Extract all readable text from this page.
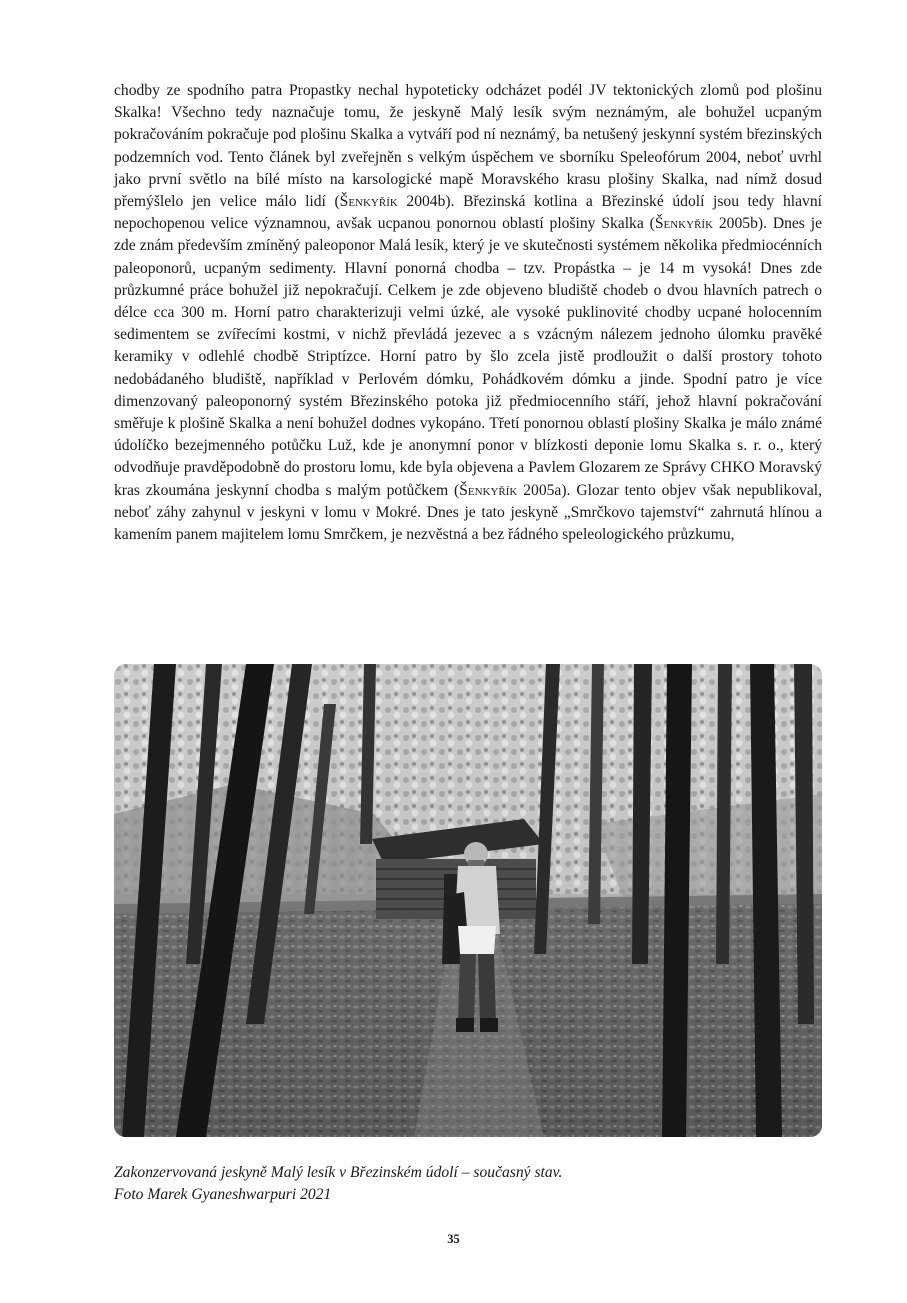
chodby ze spodního patra Propastky nechal hypoteticky odcházet podél JV tektonických zlomů pod plošinu Skalka! Všechno tedy naznačuje tomu, že jeskyně Malý lesík svým neznámým, ale bohužel ucpaným pokračováním pokračuje pod plošinu Skalka a vytváří pod ní neznámý, ba netušený jeskynní systém březinských podzemních vod. Tento článek byl zveřejněn s velkým úspěchem ve sborníku Speleofórum 2004, neboť uvrhl jako první světlo na bílé místo na karsologické mapě Moravského krasu plošiny Skalka, nad nímž dosud přemýšlelo jen velice málo lidí (Šenkyřík 2004b). Březinská kotlina a Březinské údolí jsou tedy hlavní nepochopenou velice významnou, avšak ucpanou ponornou oblastí plošiny Skalka (Šenkyřík 2005b). Dnes je zde znám především zmíněný paleoponor Malá lesík, který je ve skutečnosti systémem několika předmiocénních paleoponorů, ucpaným sedimenty. Hlavní ponorná chodba – tzv. Propástka – je 14 m vysoká! Dnes zde průzkumné práce bohužel již nepokračují. Celkem je zde objeveno bludiště chodeb o dvou hlavních patrech o délce cca 300 m. Horní patro charakterizuji velmi úzké, ale vysoké puklinovité chodby ucpané holocenním sedimentem se zvířecími kostmi, v nichž převládá jezevec a s vzácným nálezem jednoho úlomku pravěké keramiky v odlehlé chodbě Striptízce. Horní patro by šlo zcela jistě prodloužit o další prostory tohoto nedobádaného bludiště, například v Perlovém dómku, Pohádkovém dómku a jinde. Spodní patro je více dimenzovaný paleoponorný systém Březinského potoka již předmiocenního stáří, jehož hlavní pokračování směřuje k plošině Skalka a není bohužel dodnes vykopáno. Třetí ponornou oblastí plošiny Skalka je málo známé údolíčko bezejmenného potůčku Luž, kde je anonymní ponor v blízkosti deponie lomu Skalka s. r. o., který odvodňuje pravděpodobně do prostoru lomu, kde byla objevena a Pavlem Glozarem ze Správy CHKO Moravský kras zkoumána jeskynní chodba s malým potůčkem (Šenkyřík 2005a). Glozar tento objev však nepublikoval, neboť záhy zahynul v jeskyni v lomu v Mokré. Dnes je tato jeskyně „Smrčkovo tajemství“ zahrnutá hlínou a kamením panem majitelem lomu Smrčkem, je nezvěstná a bez řádného speleologického průzkumu,
Zakonzervovaná jeskyně Malý lesík v Březinském údolí – současný stav.
Foto Marek Gyaneshwarpuri 2021
35
